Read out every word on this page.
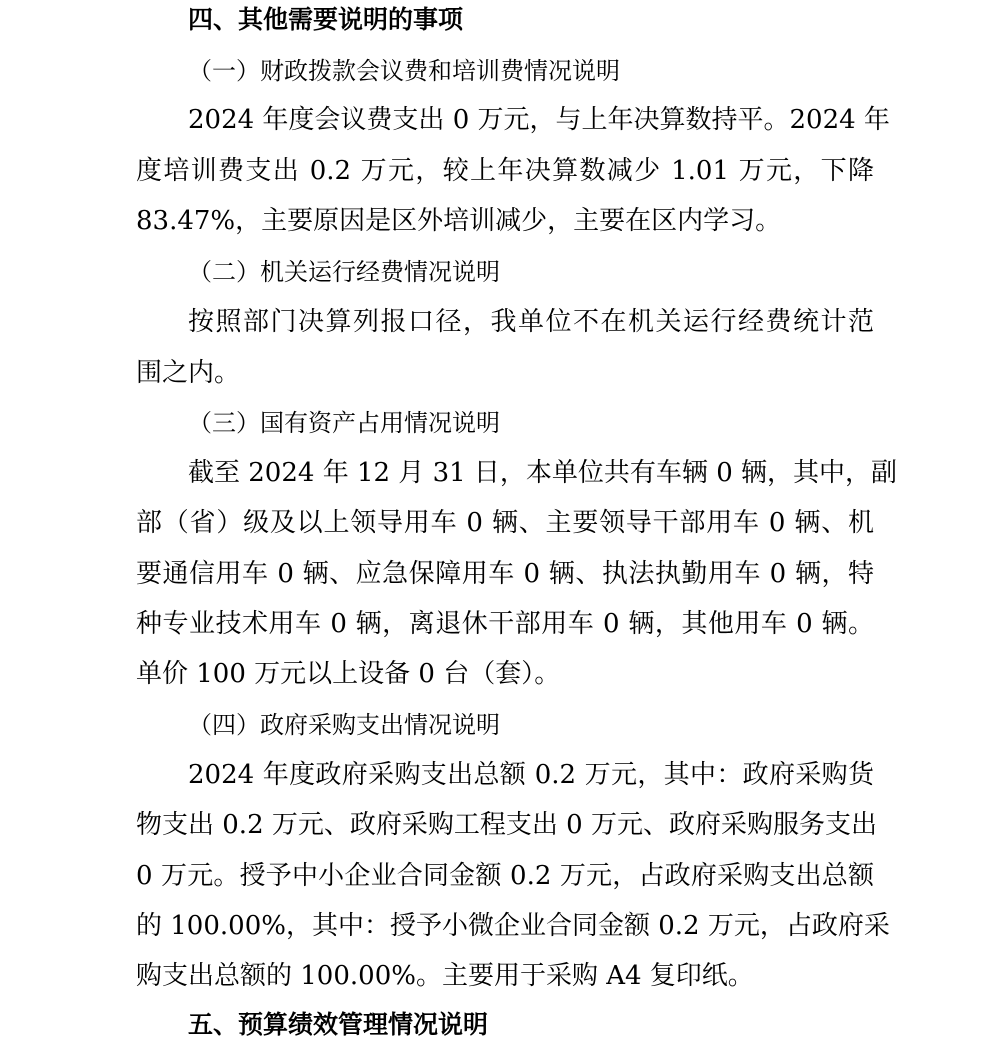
四、其他需要说明的事项
（一）财政拨款会议费和培训费情况说明
2024 年度会议费支出 0 万元，与上年决算数持平。2024 年
度培训费支出 0.2 万元，较上年决算数减少 1.01 万元，下降
83.47%，主要原因是区外培训减少，主要在区内学习。
（二）机关运行经费情况说明
按照部门决算列报口径，我单位不在机关运行经费统计范
围之内。
（三）国有资产占用情况说明
截至 2024 年 12 月 31 日，本单位共有车辆 0 辆，其中，副
部（省）级及以上领导用车 0 辆、主要领导干部用车 0 辆、机
要通信用车 0 辆、应急保障用车 0 辆、执法执勤用车 0 辆，特
种专业技术用车 0 辆，离退休干部用车 0 辆，其他用车 0 辆。
单价 100 万元以上设备 0 台（套）。
（四）政府采购支出情况说明
2024 年度政府采购支出总额 0.2 万元，其中：政府采购货
物支出 0.2 万元、政府采购工程支出 0 万元、政府采购服务支出
0 万元。授予中小企业合同金额 0.2 万元，占政府采购支出总额
的 100.00%，其中：授予小微企业合同金额 0.2 万元，占政府采
购支出总额的 100.00%。主要用于采购 A4 复印纸。
五、预算绩效管理情况说明
